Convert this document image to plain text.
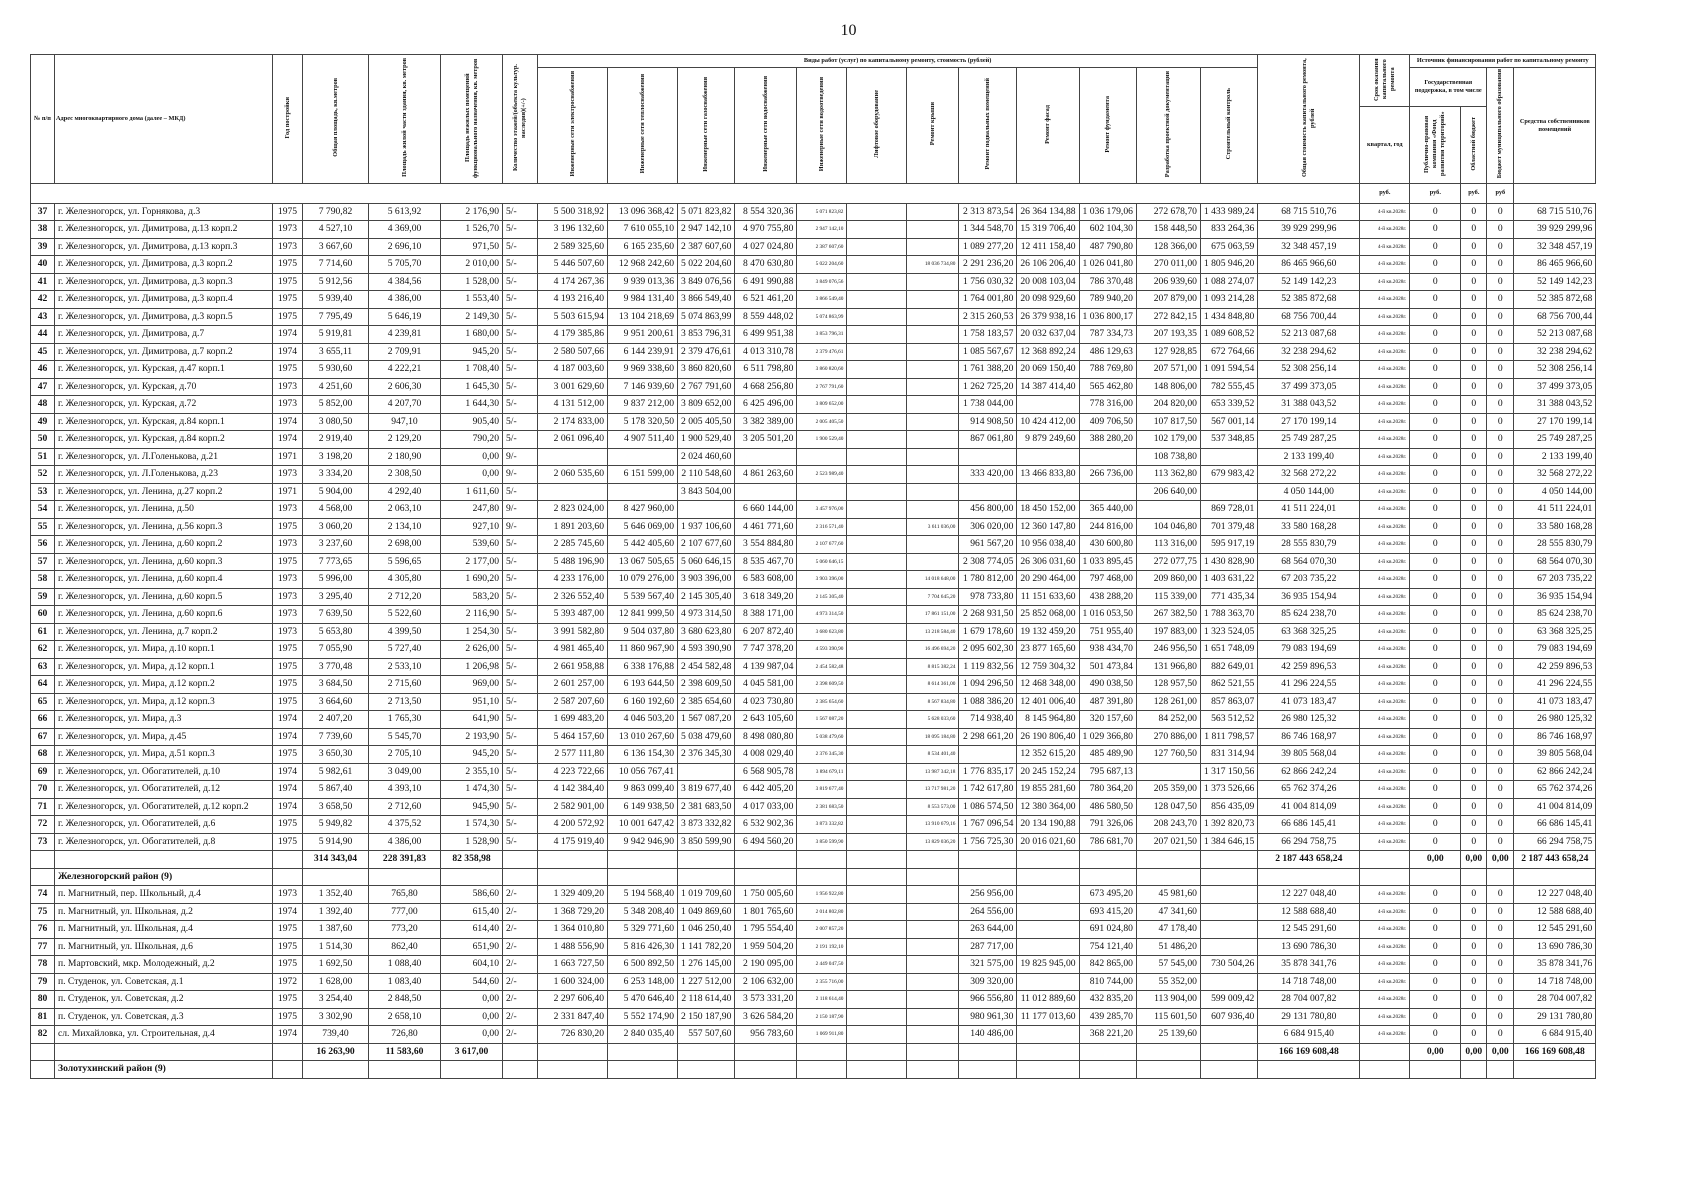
10
№ п/п	Адрес многоквартирного дома (далее – МКД)	Год постройки	Общая площадь, кв.метров	Площадь жилой части здания, кв. метров	Площадь нежилых помещений функционального назначения, кв. метров	Количество этажей/(обьекта культур. наследия)(+/-)	Виды работ (услуг) по капитальному ремонту, стоимость (рублей)												Общая стоимость капитального ремонта, рублей	Срок оказания капитального ремонта	Источник финансирования работ по капитальному ремонту			
							Инженерные сети электроснабжения	Инженерные сети теплоснабжения	Инженерные сети газоснабжения	Инженерные сети водоснабжения	Инженерные сети водоотведения	Лифтовое оборудование	Ремонт крыши	Ремонт подвальных помещений	Ремонт фасад	Ремонт фундамента	Разработка проектной документации	Строительный контроль			Государственная поддержка, в том числе		Бюджет муниципального образования	Средства собственников помещений
																				квартал, год	Публично-правовая компания «Фонд развития территорий»	Областной бюджет		
																				руб.	руб.	руб.	руб	
37	г. Железногорск, ул. Горнякова, д.3	1975	7 790,82	5 613,92	2 176,90	5/-	5 500 318,92	13 096 368,42	5 071 823,82	8 554 320,36	5 071 823,82			2 313 873,54	26 364 134,88	1 036 179,06	272 678,70	1 433 989,24	68 715 510,76	4-й кв.2028г.	0	0	0	68 715 510,76
38	г. Железногорск, ул. Димитрова, д.13 корп.2	1973	4 527,10	4 369,00	1 526,70	5/-	3 196 132,60	7 610 055,10	2 947 142,10	4 970 755,80	2 947 142,10			1 344 548,70	15 319 706,40	602 104,30	158 448,50	833 264,36	39 929 299,96	4-й кв.2028г.	0	0	0	39 929 299,96
39	г. Железногорск, ул. Димитрова, д.13 корп.3	1973	3 667,60	2 696,10	971,50	5/-	2 589 325,60	6 165 235,60	2 387 607,60	4 027 024,80	2 387 607,60			1 089 277,20	12 411 158,40	487 790,80	128 366,00	675 063,59	32 348 457,19	4-й кв.2028г.	0	0	0	32 348 457,19
40	г. Железногорск, ул. Димитрова, д.3 корп.2	1975	7 714,60	5 705,70	2 010,00	5/-	5 446 507,60	12 968 242,60	5 022 204,60	8 470 630,80	5 022 204,60		18 036 734,80	2 291 236,20	26 106 206,40	1 026 041,80	270 011,00	1 805 946,20	86 465 966,60	4-й кв.2028г.	0	0	0	86 465 966,60
41	г. Железногорск, ул. Димитрова, д.3 корп.3	1975	5 912,56	4 384,56	1 528,00	5/-	4 174 267,36	9 939 013,36	3 849 076,56	6 491 990,88	3 849 076,56			1 756 030,32	20 008 103,04	786 370,48	206 939,60	1 088 274,07	52 149 142,23	4-й кв.2028г.	0	0	0	52 149 142,23
42	г. Железногорск, ул. Димитрова, д.3 корп.4	1975	5 939,40	4 386,00	1 553,40	5/-	4 193 216,40	9 984 131,40	3 866 549,40	6 521 461,20	3 866 549,40			1 764 001,80	20 098 929,60	789 940,20	207 879,00	1 093 214,28	52 385 872,68	4-й кв.2028г.	0	0	0	52 385 872,68
43	г. Железногорск, ул. Димитрова, д.3 корп.5	1975	7 795,49	5 646,19	2 149,30	5/-	5 503 615,94	13 104 218,69	5 074 863,99	8 559 448,02	5 074 863,99			2 315 260,53	26 379 938,16	1 036 800,17	272 842,15	1 434 848,80	68 756 700,44	4-й кв.2028г.	0	0	0	68 756 700,44
44	г. Железногорск, ул. Димитрова, д.7	1974	5 919,81	4 239,81	1 680,00	5/-	4 179 385,86	9 951 200,61	3 853 796,31	6 499 951,38	3 853 796,31			1 758 183,57	20 032 637,04	787 334,73	207 193,35	1 089 608,52	52 213 087,68	4-й кв.2028г.	0	0	0	52 213 087,68
45	г. Железногорск, ул. Димитрова, д.7 корп.2	1974	3 655,11	2 709,91	945,20	5/-	2 580 507,66	6 144 239,91	2 379 476,61	4 013 310,78	2 379 476,61			1 085 567,67	12 368 892,24	486 129,63	127 928,85	672 764,66	32 238 294,62	4-й кв.2028г.	0	0	0	32 238 294,62
46	г. Железногорск, ул. Курская, д.47 корп.1	1975	5 930,60	4 222,21	1 708,40	5/-	4 187 003,60	9 969 338,60	3 860 820,60	6 511 798,80	3 860 820,60			1 761 388,20	20 069 150,40	788 769,80	207 571,00	1 091 594,54	52 308 256,14	4-й кв.2028г.	0	0	0	52 308 256,14
47	г. Железногорск, ул. Курская, д.70	1973	4 251,60	2 606,30	1 645,30	5/-	3 001 629,60	7 146 939,60	2 767 791,60	4 668 256,80	2 767 791,60			1 262 725,20	14 387 414,40	565 462,80	148 806,00	782 555,45	37 499 373,05	4-й кв.2028г.	0	0	0	37 499 373,05
48	г. Железногорск, ул. Курская, д.72	1973	5 852,00	4 207,70	1 644,30	5/-	4 131 512,00	9 837 212,00	3 809 652,00	6 425 496,00	3 809 652,00			1 738 044,00		778 316,00	204 820,00	653 339,52	31 388 043,52	4-й кв.2028г.	0	0	0	31 388 043,52
49	г. Железногорск, ул. Курская, д.84 корп.1	1974	3 080,50	947,10	905,40	5/-	2 174 833,00	5 178 320,50	2 005 405,50	3 382 389,00	2 005 405,50			914 908,50	10 424 412,00	409 706,50	107 817,50	567 001,14	27 170 199,14	4-й кв.2028г.	0	0	0	27 170 199,14
50	г. Железногорск, ул. Курская, д.84 корп.2	1974	2 919,40	2 129,20	790,20	5/-	2 061 096,40	4 907 511,40	1 900 529,40	3 205 501,20	1 900 529,40			867 061,80	9 879 249,60	388 280,20	102 179,00	537 348,85	25 749 287,25	4-й кв.2028г.	0	0	0	25 749 287,25
51	г. Железногорск, ул. Л.Голенькова, д.21	1971	3 198,20	2 180,90	0,00	9/-			2 024 460,60								108 738,80		2 133 199,40	4-й кв.2028г.	0	0	0	2 133 199,40
52	г. Железногорск, ул. Л.Голенькова, д.23	1973	3 334,20	2 308,50	0,00	9/-	2 060 535,60	6 151 599,00	2 110 548,60	4 861 263,60	2 523 989,40			333 420,00	13 466 833,80	266 736,00	113 362,80	679 983,42	32 568 272,22	4-й кв.2028г.	0	0	0	32 568 272,22
53	г. Железногорск, ул. Ленина, д.27 корп.2	1971	5 904,00	4 292,40	1 611,60	5/-			3 843 504,00								206 640,00		4 050 144,00	4-й кв.2028г.	0	0	0	4 050 144,00
54	г. Железногорск, ул. Ленина, д.50	1973	4 568,00	2 063,10	247,80	9/-	2 823 024,00	8 427 960,00		6 660 144,00	3 457 976,00			456 800,00	18 450 152,00	365 440,00		869 728,01	41 511 224,01	4-й кв.2028г.	0	0	0	41 511 224,01
55	г. Железногорск, ул. Ленина, д.56 корп.3	1975	3 060,20	2 134,10	927,10	9/-	1 891 203,60	5 646 069,00	1 937 106,60	4 461 771,60	2 316 571,40		3 611 036,00	306 020,00	12 360 147,80	244 816,00	104 046,80	701 379,48	33 580 168,28	4-й кв.2028г.	0	0	0	33 580 168,28
56	г. Железногорск, ул. Ленина, д.60 корп.2	1973	3 237,60	2 698,00	539,60	5/-	2 285 745,60	5 442 405,60	2 107 677,60	3 554 884,80	2 107 677,60			961 567,20	10 956 038,40	430 600,80	113 316,00	595 917,19	28 555 830,79	4-й кв.2028г.	0	0	0	28 555 830,79
57	г. Железногорск, ул. Ленина, д.60 корп.3	1975	7 773,65	5 596,65	2 177,00	5/-	5 488 196,90	13 067 505,65	5 060 646,15	8 535 467,70	5 060 646,15			2 308 774,05	26 306 031,60	1 033 895,45	272 077,75	1 430 828,90	68 564 070,30	4-й кв.2028г.	0	0	0	68 564 070,30
58	г. Железногорск, ул. Ленина, д.60 корп.4	1973	5 996,00	4 305,80	1 690,20	5/-	4 233 176,00	10 079 276,00	3 903 396,00	6 583 608,00	3 903 396,00		14 018 648,00	1 780 812,00	20 290 464,00	797 468,00	209 860,00	1 403 631,22	67 203 735,22	4-й кв.2028г.	0	0	0	67 203 735,22
59	г. Железногорск, ул. Ленина, д.60 корп.5	1973	3 295,40	2 712,20	583,20	5/-	2 326 552,40	5 539 567,40	2 145 305,40	3 618 349,20	2 145 305,40		7 704 645,20	978 733,80	11 151 633,60	438 288,20	115 339,00	771 435,34	36 935 154,94	4-й кв.2028г.	0	0	0	36 935 154,94
60	г. Железногорск, ул. Ленина, д.60 корп.6	1973	7 639,50	5 522,60	2 116,90	5/-	5 393 487,00	12 841 999,50	4 973 314,50	8 388 171,00	4 973 314,50		17 861 151,00	2 268 931,50	25 852 068,00	1 016 053,50	267 382,50	1 788 363,70	85 624 238,70	4-й кв.2028г.	0	0	0	85 624 238,70
61	г. Железногорск, ул. Ленина, д.7 корп.2	1973	5 653,80	4 399,50	1 254,30	5/-	3 991 582,80	9 504 037,80	3 680 623,80	6 207 872,40	3 680 623,80		13 218 584,40	1 679 178,60	19 132 459,20	751 955,40	197 883,00	1 323 524,05	63 368 325,25	4-й кв.2028г.	0	0	0	63 368 325,25
62	г. Железногорск, ул. Мира, д.10 корп.1	1975	7 055,90	5 727,40	2 626,00	5/-	4 981 465,40	11 860 967,90	4 593 390,90	7 747 378,20	4 593 390,90		16 496 694,20	2 095 602,30	23 877 165,60	938 434,70	246 956,50	1 651 748,09	79 083 194,69	4-й кв.2028г.	0	0	0	79 083 194,69
63	г. Железногорск, ул. Мира, д.12 корп.1	1975	3 770,48	2 533,10	1 206,98	5/-	2 661 958,88	6 338 176,88	2 454 582,48	4 139 987,04	2 454 582,48		8 815 382,24	1 119 832,56	12 759 304,32	501 473,84	131 966,80	882 649,01	42 259 896,53	4-й кв.2028г.	0	0	0	42 259 896,53
64	г. Железногорск, ул. Мира, д.12 корп.2	1975	3 684,50	2 715,60	969,00	5/-	2 601 257,00	6 193 644,50	2 398 609,50	4 045 581,00	2 398 609,50		8 614 361,00	1 094 296,50	12 468 348,00	490 038,50	128 957,50	862 521,55	41 296 224,55	4-й кв.2028г.	0	0	0	41 296 224,55
65	г. Железногорск, ул. Мира, д.12 корп.3	1975	3 664,60	2 713,50	951,10	5/-	2 587 207,60	6 160 192,60	2 385 654,60	4 023 730,80	2 385 654,60		8 567 834,80	1 088 386,20	12 401 006,40	487 391,80	128 261,00	857 863,07	41 073 183,47	4-й кв.2028г.	0	0	0	41 073 183,47
66	г. Железногорск, ул. Мира, д.3	1974	2 407,20	1 765,30	641,90	5/-	1 699 483,20	4 046 503,20	1 567 087,20	2 643 105,60	1 567 087,20		5 628 033,60	714 938,40	8 145 964,80	320 157,60	84 252,00	563 512,52	26 980 125,32	4-й кв.2028г.	0	0	0	26 980 125,32
67	г. Железногорск, ул. Мира, д.45	1974	7 739,60	5 545,70	2 193,90	5/-	5 464 157,60	13 010 267,60	5 038 479,60	8 498 080,80	5 038 479,60		18 095 184,80	2 298 661,20	26 190 806,40	1 029 366,80	270 886,00	1 811 798,57	86 746 168,97	4-й кв.2028г.	0	0	0	86 746 168,97
68	г. Железногорск, ул. Мира, д.51 корп.3	1975	3 650,30	2 705,10	945,20	5/-	2 577 111,80	6 136 154,30	2 376 345,30	4 008 029,40	2 376 345,30		8 534 401,40		12 352 615,20	485 489,90	127 760,50	831 314,94	39 805 568,04	4-й кв.2028г.	0	0	0	39 805 568,04
69	г. Железногорск, ул. Обогатителей, д.10	1974	5 982,61	3 049,00	2 355,10	5/-	4 223 722,66	10 056 767,41		6 568 905,78	3 894 679,11		13 987 342,18	1 776 835,17	20 245 152,24	795 687,13		1 317 150,56	62 866 242,24	4-й кв.2028г.	0	0	0	62 866 242,24
70	г. Железногорск, ул. Обогатителей, д.12	1974	5 867,40	4 393,10	1 474,30	5/-	4 142 384,40	9 863 099,40	3 819 677,40	6 442 405,20	3 819 677,40		13 717 981,20	1 742 617,80	19 855 281,60	780 364,20	205 359,00	1 373 526,66	65 762 374,26	4-й кв.2028г.	0	0	0	65 762 374,26
71	г. Железногорск, ул. Обогатителей, д.12 корп.2	1974	3 658,50	2 712,60	945,90	5/-	2 582 901,00	6 149 938,50	2 381 683,50	4 017 033,00	2 381 683,50		8 553 573,00	1 086 574,50	12 380 364,00	486 580,50	128 047,50	856 435,09	41 004 814,09	4-й кв.2028г.	0	0	0	41 004 814,09
72	г. Железногорск, ул. Обогатителей, д.6	1975	5 949,82	4 375,52	1 574,30	5/-	4 200 572,92	10 001 647,42	3 873 332,82	6 532 902,36	3 873 332,82		13 910 679,16	1 767 096,54	20 134 190,88	791 326,06	208 243,70	1 392 820,73	66 686 145,41	4-й кв.2028г.	0	0	0	66 686 145,41
73	г. Железногорск, ул. Обогатителей, д.8	1975	5 914,90	4 386,00	1 528,90	5/-	4 175 919,40	9 942 946,90	3 850 599,90	6 494 560,20	3 850 599,90		13 829 036,20	1 756 725,30	20 016 021,60	786 681,70	207 021,50	1 384 646,15	66 294 758,75	4-й кв.2028г.	0	0	0	66 294 758,75
			314 343,04	228 391,83	82 358,98														2 187 443 658,24		0,00	0,00	0,00	2 187 443 658,24
	Железногорский район (9)																							
74	п. Магнитный, пер. Школьный, д.4	1973	1 352,40	765,80	586,60	2/-	1 329 409,20	5 194 568,40	1 019 709,60	1 750 005,60	1 956 922,80			256 956,00		673 495,20	45 981,60		12 227 048,40	4-й кв.2028г.	0	0	0	12 227 048,40
75	п. Магнитный, ул. Школьная, д.2	1974	1 392,40	777,00	615,40	2/-	1 368 729,20	5 348 208,40	1 049 869,60	1 801 765,60	2 014 802,80			264 556,00		693 415,20	47 341,60		12 588 688,40	4-й кв.2028г.	0	0	0	12 588 688,40
76	п. Магнитный, ул. Школьная, д.4	1975	1 387,60	773,20	614,40	2/-	1 364 010,80	5 329 771,60	1 046 250,40	1 795 554,40	2 007 857,20			263 644,00		691 024,80	47 178,40		12 545 291,60	4-й кв.2028г.	0	0	0	12 545 291,60
77	п. Магнитный, ул. Школьная, д.6	1975	1 514,30	862,40	651,90	2/-	1 488 556,90	5 816 426,30	1 141 782,20	1 959 504,20	2 191 192,10			287 717,00		754 121,40	51 486,20		13 690 786,30	4-й кв.2028г.	0	0	0	13 690 786,30
78	п. Мартовский, мкр. Молодежный, д.2	1975	1 692,50	1 088,40	604,10	2/-	1 663 727,50	6 500 892,50	1 276 145,00	2 190 095,00	2 449 047,50			321 575,00	19 825 945,00	842 865,00	57 545,00	730 504,26	35 878 341,76	4-й кв.2028г.	0	0	0	35 878 341,76
79	п. Студенок, ул. Советская, д.1	1972	1 628,00	1 083,40	544,60	2/-	1 600 324,00	6 253 148,00	1 227 512,00	2 106 632,00	2 355 716,00			309 320,00		810 744,00	55 352,00		14 718 748,00	4-й кв.2028г.	0	0	0	14 718 748,00
80	п. Студенок, ул. Советская, д.2	1975	3 254,40	2 848,50	0,00	2/-	2 297 606,40	5 470 646,40	2 118 614,40	3 573 331,20	2 118 614,40			966 556,80	11 012 889,60	432 835,20	113 904,00	599 009,42	28 704 007,82	4-й кв.2028г.	0	0	0	28 704 007,82
81	п. Студенок, ул. Советская, д.3	1975	3 302,90	2 658,10	0,00	2/-	2 331 847,40	5 552 174,90	2 150 187,90	3 626 584,20	2 150 187,90			980 961,30	11 177 013,60	439 285,70	115 601,50	607 936,40	29 131 780,80	4-й кв.2028г.	0	0	0	29 131 780,80
82	сл. Михайловка, ул. Строительная, д.4	1974	739,40	726,80	0,00	2/-	726 830,20	2 840 035,40	557 507,60	956 783,60	1 069 911,80			140 486,00		368 221,20	25 139,60		6 684 915,40	4-й кв.2028г.	0	0	0	6 684 915,40
			16 263,90	11 583,60	3 617,00														166 169 608,48		0,00	0,00	0,00	166 169 608,48
	Золотухинский район (9)																							
